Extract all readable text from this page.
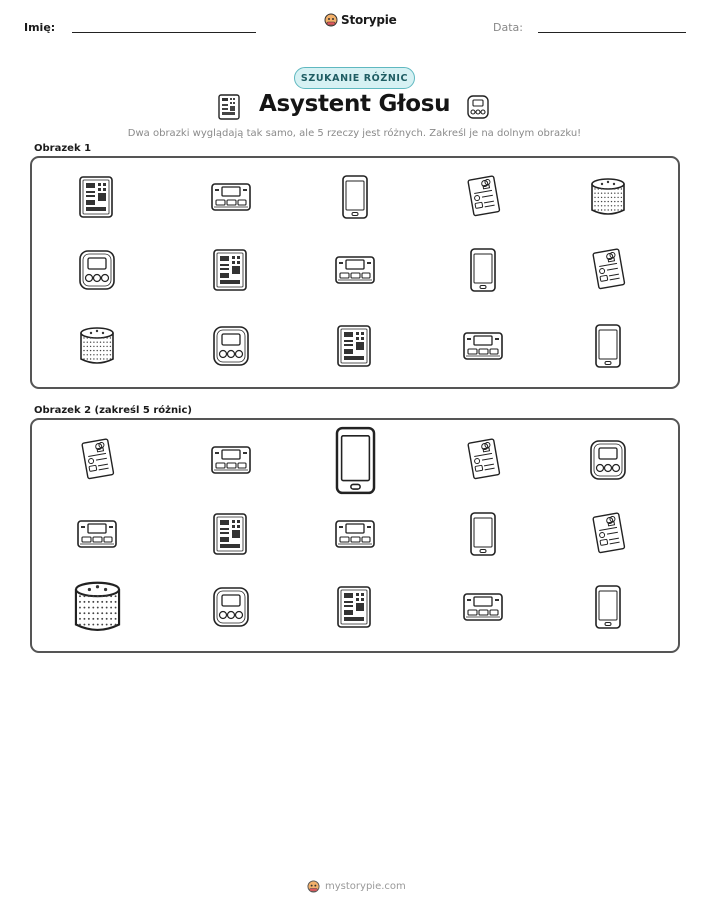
Imię:
Storypie
Data:
SZUKANIE RÓŻNIC
Asystent Głosu
Dwa obrazki wyglądają tak samo, ale 5 rzeczy jest różnych. Zakreśl je na dolnym obrazku!
Obrazek 1
Obrazek 2 (zakreśl 5 różnic)
mystorypie.com
